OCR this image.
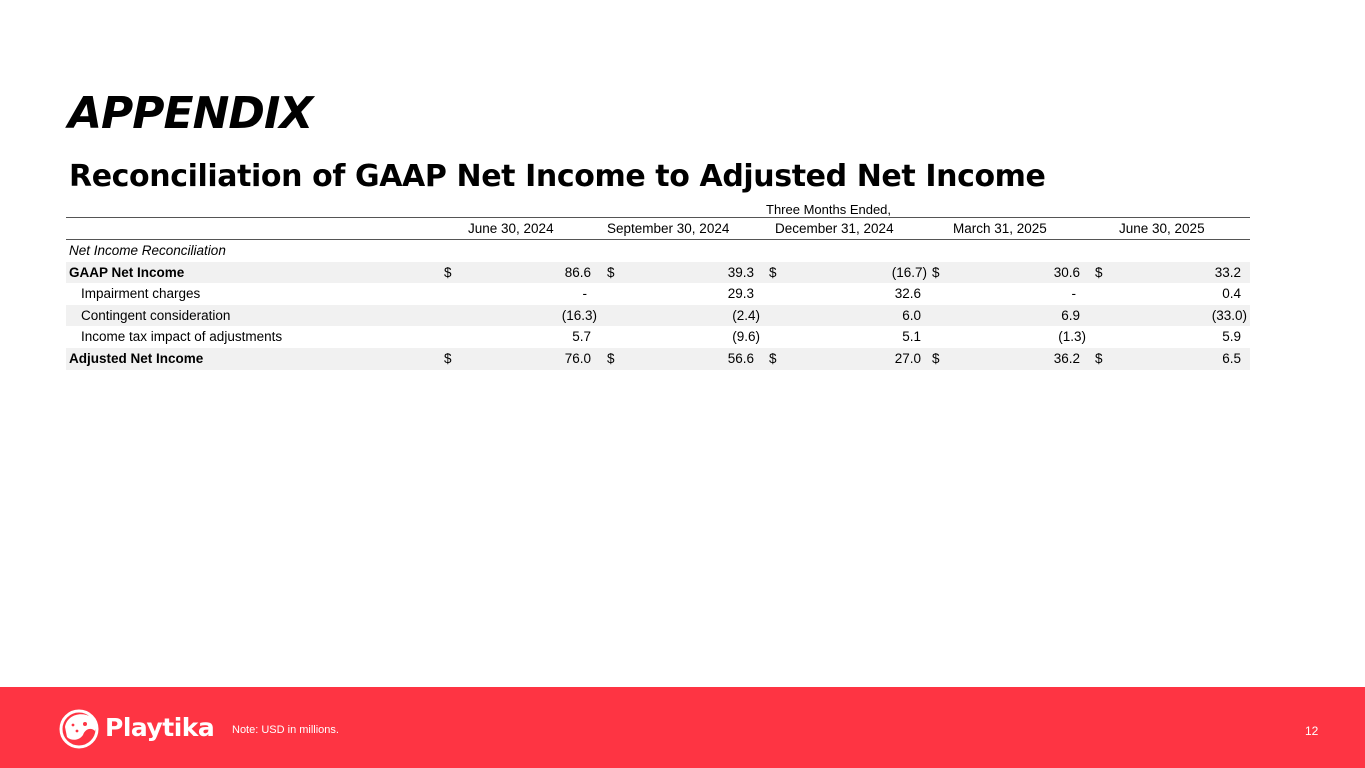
APPENDIX
Reconciliation of GAAP Net Income to Adjusted Net Income
Three Months Ended,
June 30, 2024	September 30, 2024	December 31, 2024	March 31, 2025	June 30, 2025
Net Income Reconciliation
GAAP Net Income	$	86.6 $	39.3 $	(16.7) $	30.6 $	33.2
Impairment charges	-	29.3	32.6	-	0.4
Contingent consideration	(16.3)	(2.4)	6.0	6.9	(33.0)
Income tax impact of adjustments	5.7	(9.6)	5.1	(1.3)	5.9
Adjusted Net Income	$	76.0 $	56.6 $	27.0 $	36.2 $	6.5
Playtika Note: USD in millions.	12
